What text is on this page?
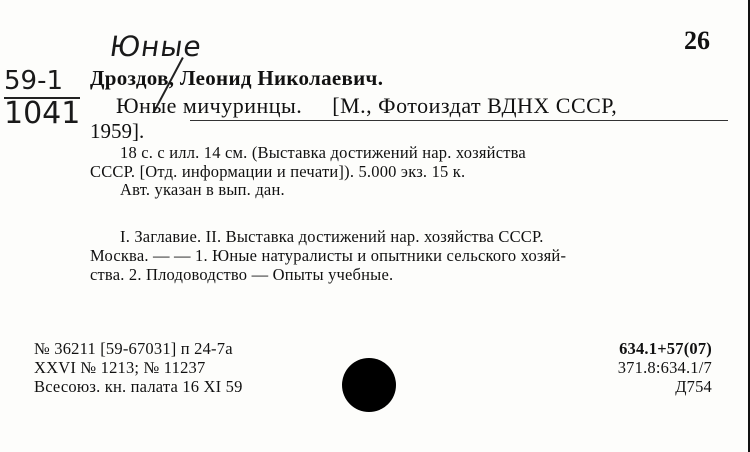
Юные
59-1
1041
26
Дроздов, Леонид Николаевич.
Юные мичуринцы. [М., Фотоиздат ВДНХ СССР,
1959].
18 с. с илл. 14 см. (Выставка достижений нар. хозяйства
СССР. [Отд. информации и печати]). 5.000 экз. 15 к.
Авт. указан в вып. дан.
I. Заглавие. II. Выставка достижений нар. хозяйства СССР.
Москва. — — 1. Юные натуралисты и опытники сельского хозяй-
ства. 2. Плодоводство — Опыты учебные.
№ 36211 [59-67031] п 24-7а
XXVI № 1213; № 11237
Всесоюз. кн. палата 16 XI 59
634.1+57(07)
371.8:634.1/7
Д754
